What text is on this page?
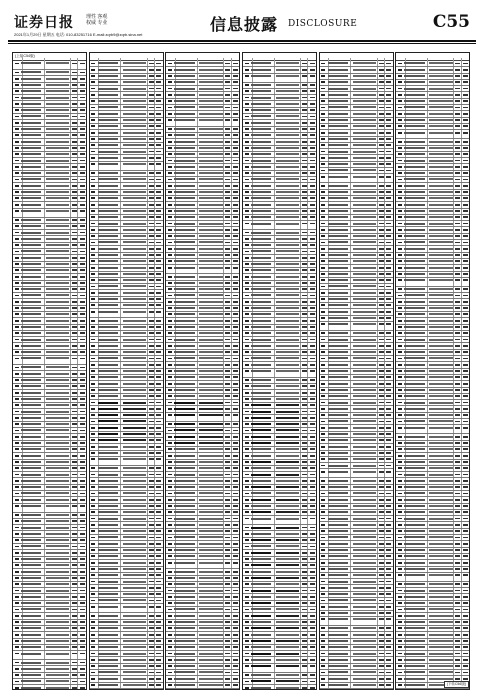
证券日报 理性 客观
权威 专业
2021年1月29日 星期五 电话: 010-83251716 E-mail:zqrb9@zqrb.sina.net
信息披露 DISCLOSURE	C55
(上接C54版)
(下转C56版)
